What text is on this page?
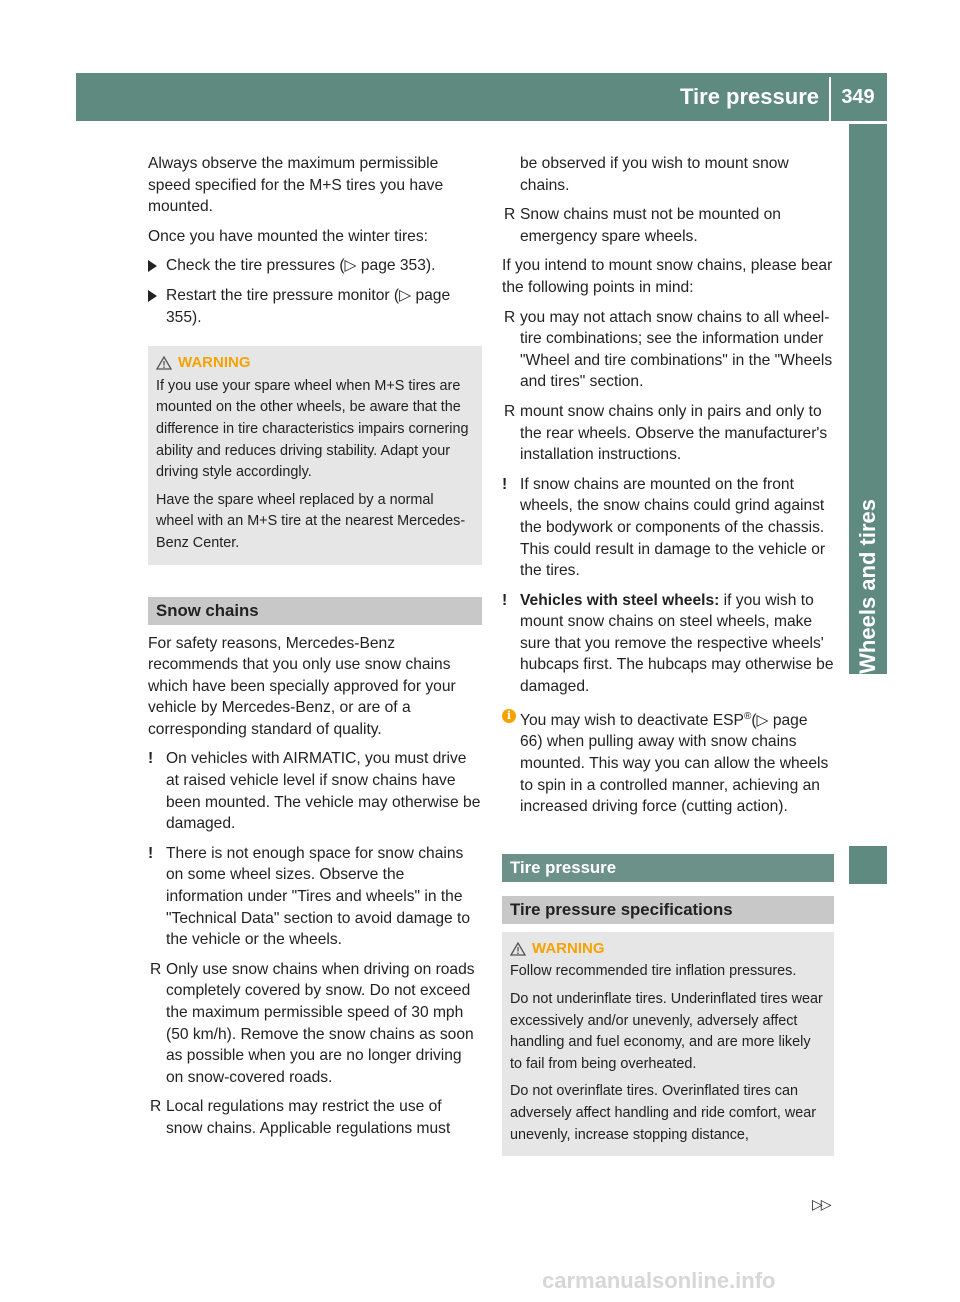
Tire pressure	349
Wheels and tires

Always observe the maximum permissible speed specified for the M+S tires you have mounted.

Once you have mounted the winter tires:

Check the tire pressures (▷ page 353).
Restart the tire pressure monitor (▷ page 355).
WARNING

If you use your spare wheel when M+S tires are mounted on the other wheels, be aware that the difference in tire characteristics impairs cornering ability and reduces driving stability. Adapt your driving style accordingly.

Have the spare wheel replaced by a normal wheel with an M+S tire at the nearest Mercedes-Benz Center.

Snow chains

For safety reasons, Mercedes-Benz recommends that you only use snow chains which have been specially approved for your vehicle by Mercedes-Benz, or are of a corresponding standard of quality.

! On vehicles with AIRMATIC, you must drive at raised vehicle level if snow chains have been mounted. The vehicle may otherwise be damaged.
! There is not enough space for snow chains on some wheel sizes. Observe the information under "Tires and wheels" in the "Technical Data" section to avoid damage to the vehicle or the wheels.
R Only use snow chains when driving on roads completely covered by snow. Do not exceed the maximum permissible speed of 30 mph (50 km/h). Remove the snow chains as soon as possible when you are no longer driving on snow-covered roads.
R Local regulations may restrict the use of snow chains. Applicable regulations must

be observed if you wish to mount snow chains.

R Snow chains must not be mounted on emergency spare wheels.

If you intend to mount snow chains, please bear the following points in mind:

R you may not attach snow chains to all wheel-tire combinations; see the information under "Wheel and tire combinations" in the "Wheels and tires" section.
R mount snow chains only in pairs and only to the rear wheels. Observe the manufacturer's installation instructions.
! If snow chains are mounted on the front wheels, the snow chains could grind against the bodywork or components of the chassis. This could result in damage to the vehicle or the tires.
! Vehicles with steel wheels: if you wish to mount snow chains on steel wheels, make sure that you remove the respective wheels' hubcaps first. The hubcaps may otherwise be damaged.
i You may wish to deactivate ESP®(▷ page 66) when pulling away with snow chains mounted. This way you can allow the wheels to spin in a controlled manner, achieving an increased driving force (cutting action).
Tire pressure
Tire pressure specifications
WARNING

Follow recommended tire inflation pressures.

Do not underinflate tires. Underinflated tires wear excessively and/or unevenly, adversely affect handling and fuel economy, and are more likely to fail from being overheated.

Do not overinflate tires. Overinflated tires can adversely affect handling and ride comfort, wear unevenly, increase stopping distance,

▷▷
carmanualsonline.info
